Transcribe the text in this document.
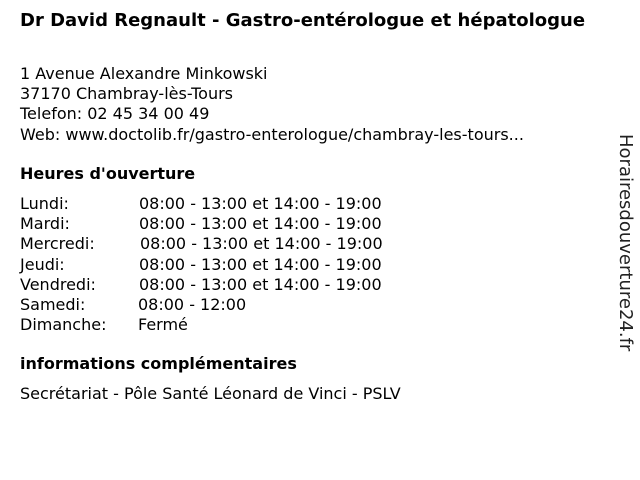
Dr David Regnault - Gastro-entérologue et hépatologue
1 Avenue Alexandre Minkowski
37170 Chambray-lès-Tours
Telefon: 02 45 34 00 49
Web: www.doctolib.fr/gastro-enterologue/chambray-les-tours...
Heures d'ouverture
Lundi:	08:00 - 13:00 et 14:00 - 19:00
Mardi:	08:00 - 13:00 et 14:00 - 19:00
Mercredi:	08:00 - 13:00 et 14:00 - 19:00
Jeudi:	08:00 - 13:00 et 14:00 - 19:00
Vendredi:	08:00 - 13:00 et 14:00 - 19:00
Samedi:	08:00 - 12:00
Dimanche: Fermé
informations complémentaires
Secrétariat - Pôle Santé Léonard de Vinci - PSLV
Horairesdouverture24.fr
